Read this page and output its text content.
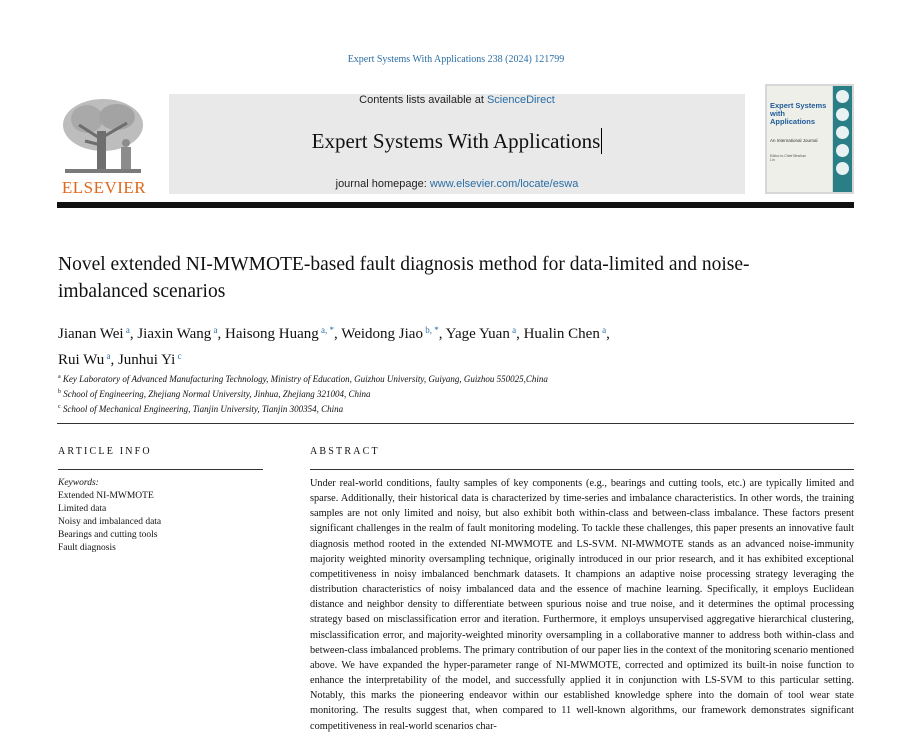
Expert Systems With Applications 238 (2024) 121799
ELSEVIER
Contents lists available at ScienceDirect
Expert Systems With Applications
journal homepage: www.elsevier.com/locate/eswa
Expert Systems with Applications
An International Journal
Editor-in-Chief Binshan Lin
Novel extended NI-MWMOTE-based fault diagnosis method for data-limited and noise-imbalanced scenarios
Jianan Wei $^a$, Jiaxin Wang $^a$, Haisong Huang $^{a, *}$, Weidong Jiao $^{b, *}$, Yage Yuan $^a$, Hualin Chen $^a$,
Rui Wu $^a$, Junhui Yi $^c$
$^a$ Key Laboratory of Advanced Manufacturing Technology, Ministry of Education, Guizhou University, Guiyang, Guizhou 550025,China
$^b$ School of Engineering, Zhejiang Normal University, Jinhua, Zhejiang 321004, China
$^c$ School of Mechanical Engineering, Tianjin University, Tianjin 300354, China
ARTICLE INFO	ABSTRACT
Keywords:
Extended NI-MWMOTE
Limited data
Noisy and imbalanced data
Bearings and cutting tools
Fault diagnosis
Under real-world conditions, faulty samples of key components (e.g., bearings and cutting tools, etc.) are typically limited and sparse. Additionally, their historical data is characterized by time-series and imbalance characteristics. In other words, the training samples are not only limited and noisy, but also exhibit both within-class and between-class imbalance. These factors present significant challenges in the realm of fault monitoring modeling. To tackle these challenges, this paper presents an innovative fault diagnosis method rooted in the extended NI-MWMOTE and LS-SVM. NI-MWMOTE stands as an advanced noise-immunity majority weighted minority oversampling technique, originally introduced in our prior research, and it has exhibited exceptional competitiveness in noisy imbalanced benchmark datasets. It champions an adaptive noise processing strategy leveraging the distribution characteristics of noisy imbalanced data and the essence of machine learning. Specifically, it employs Euclidean distance and neighbor density to differentiate between spurious noise and true noise, and it determines the optimal processing strategy based on misclassification error and iteration. Furthermore, it employs unsupervised aggregative hierarchical clustering, misclassification error, and majority-weighted minority oversampling in a collaborative manner to address both within-class and between-class imbalanced problems. The primary contribution of our paper lies in the context of the monitoring scenario mentioned above. We have expanded the hyper-parameter range of NI-MWMOTE, corrected and optimized its built-in noise function to enhance the interpretability of the model, and successfully applied it in conjunction with LS-SVM to this particular setting. Notably, this marks the pioneering endeavor within our established knowledge sphere into the domain of tool wear state monitoring. The results suggest that, when compared to 11 well-known algorithms, our framework demonstrates significant competitiveness in real-world scenarios char-
